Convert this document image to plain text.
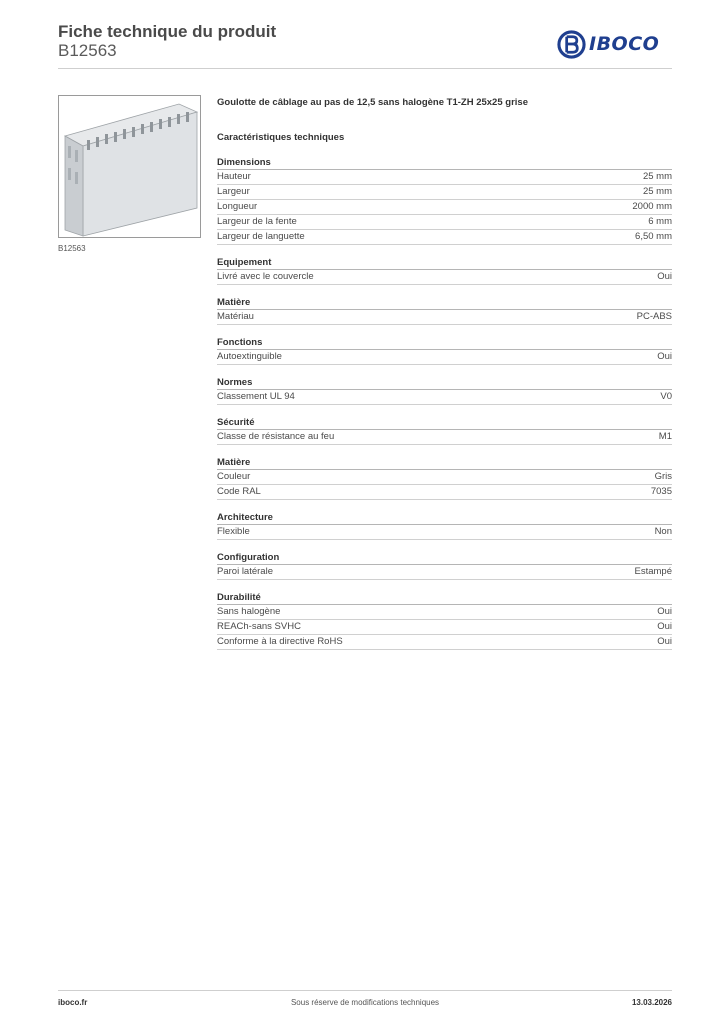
Fiche technique du produit
B12563	IBOCO
B12563
Goulotte de câblage au pas de 12,5 sans halogène T1-ZH 25x25 grise
Caractéristiques techniques
Dimensions
Hauteur	25 mm
Largeur	25 mm
Longueur	2000 mm
Largeur de la fente	6 mm
Largeur de languette	6,50 mm
Equipement
Livré avec le couvercle	Oui
Matière
Matériau	PC-ABS
Fonctions
Autoextinguible	Oui
Normes
Classement UL 94	V0
Sécurité
Classe de résistance au feu	M1
Matière
Couleur	Gris
Code RAL	7035
Architecture
Flexible	Non
Configuration
Paroi latérale	Estampé
Durabilité
Sans halogène	Oui
REACh-sans SVHC	Oui
Conforme à la directive RoHS	Oui
iboco.fr	Sous réserve de modifications techniques	13.03.2026
